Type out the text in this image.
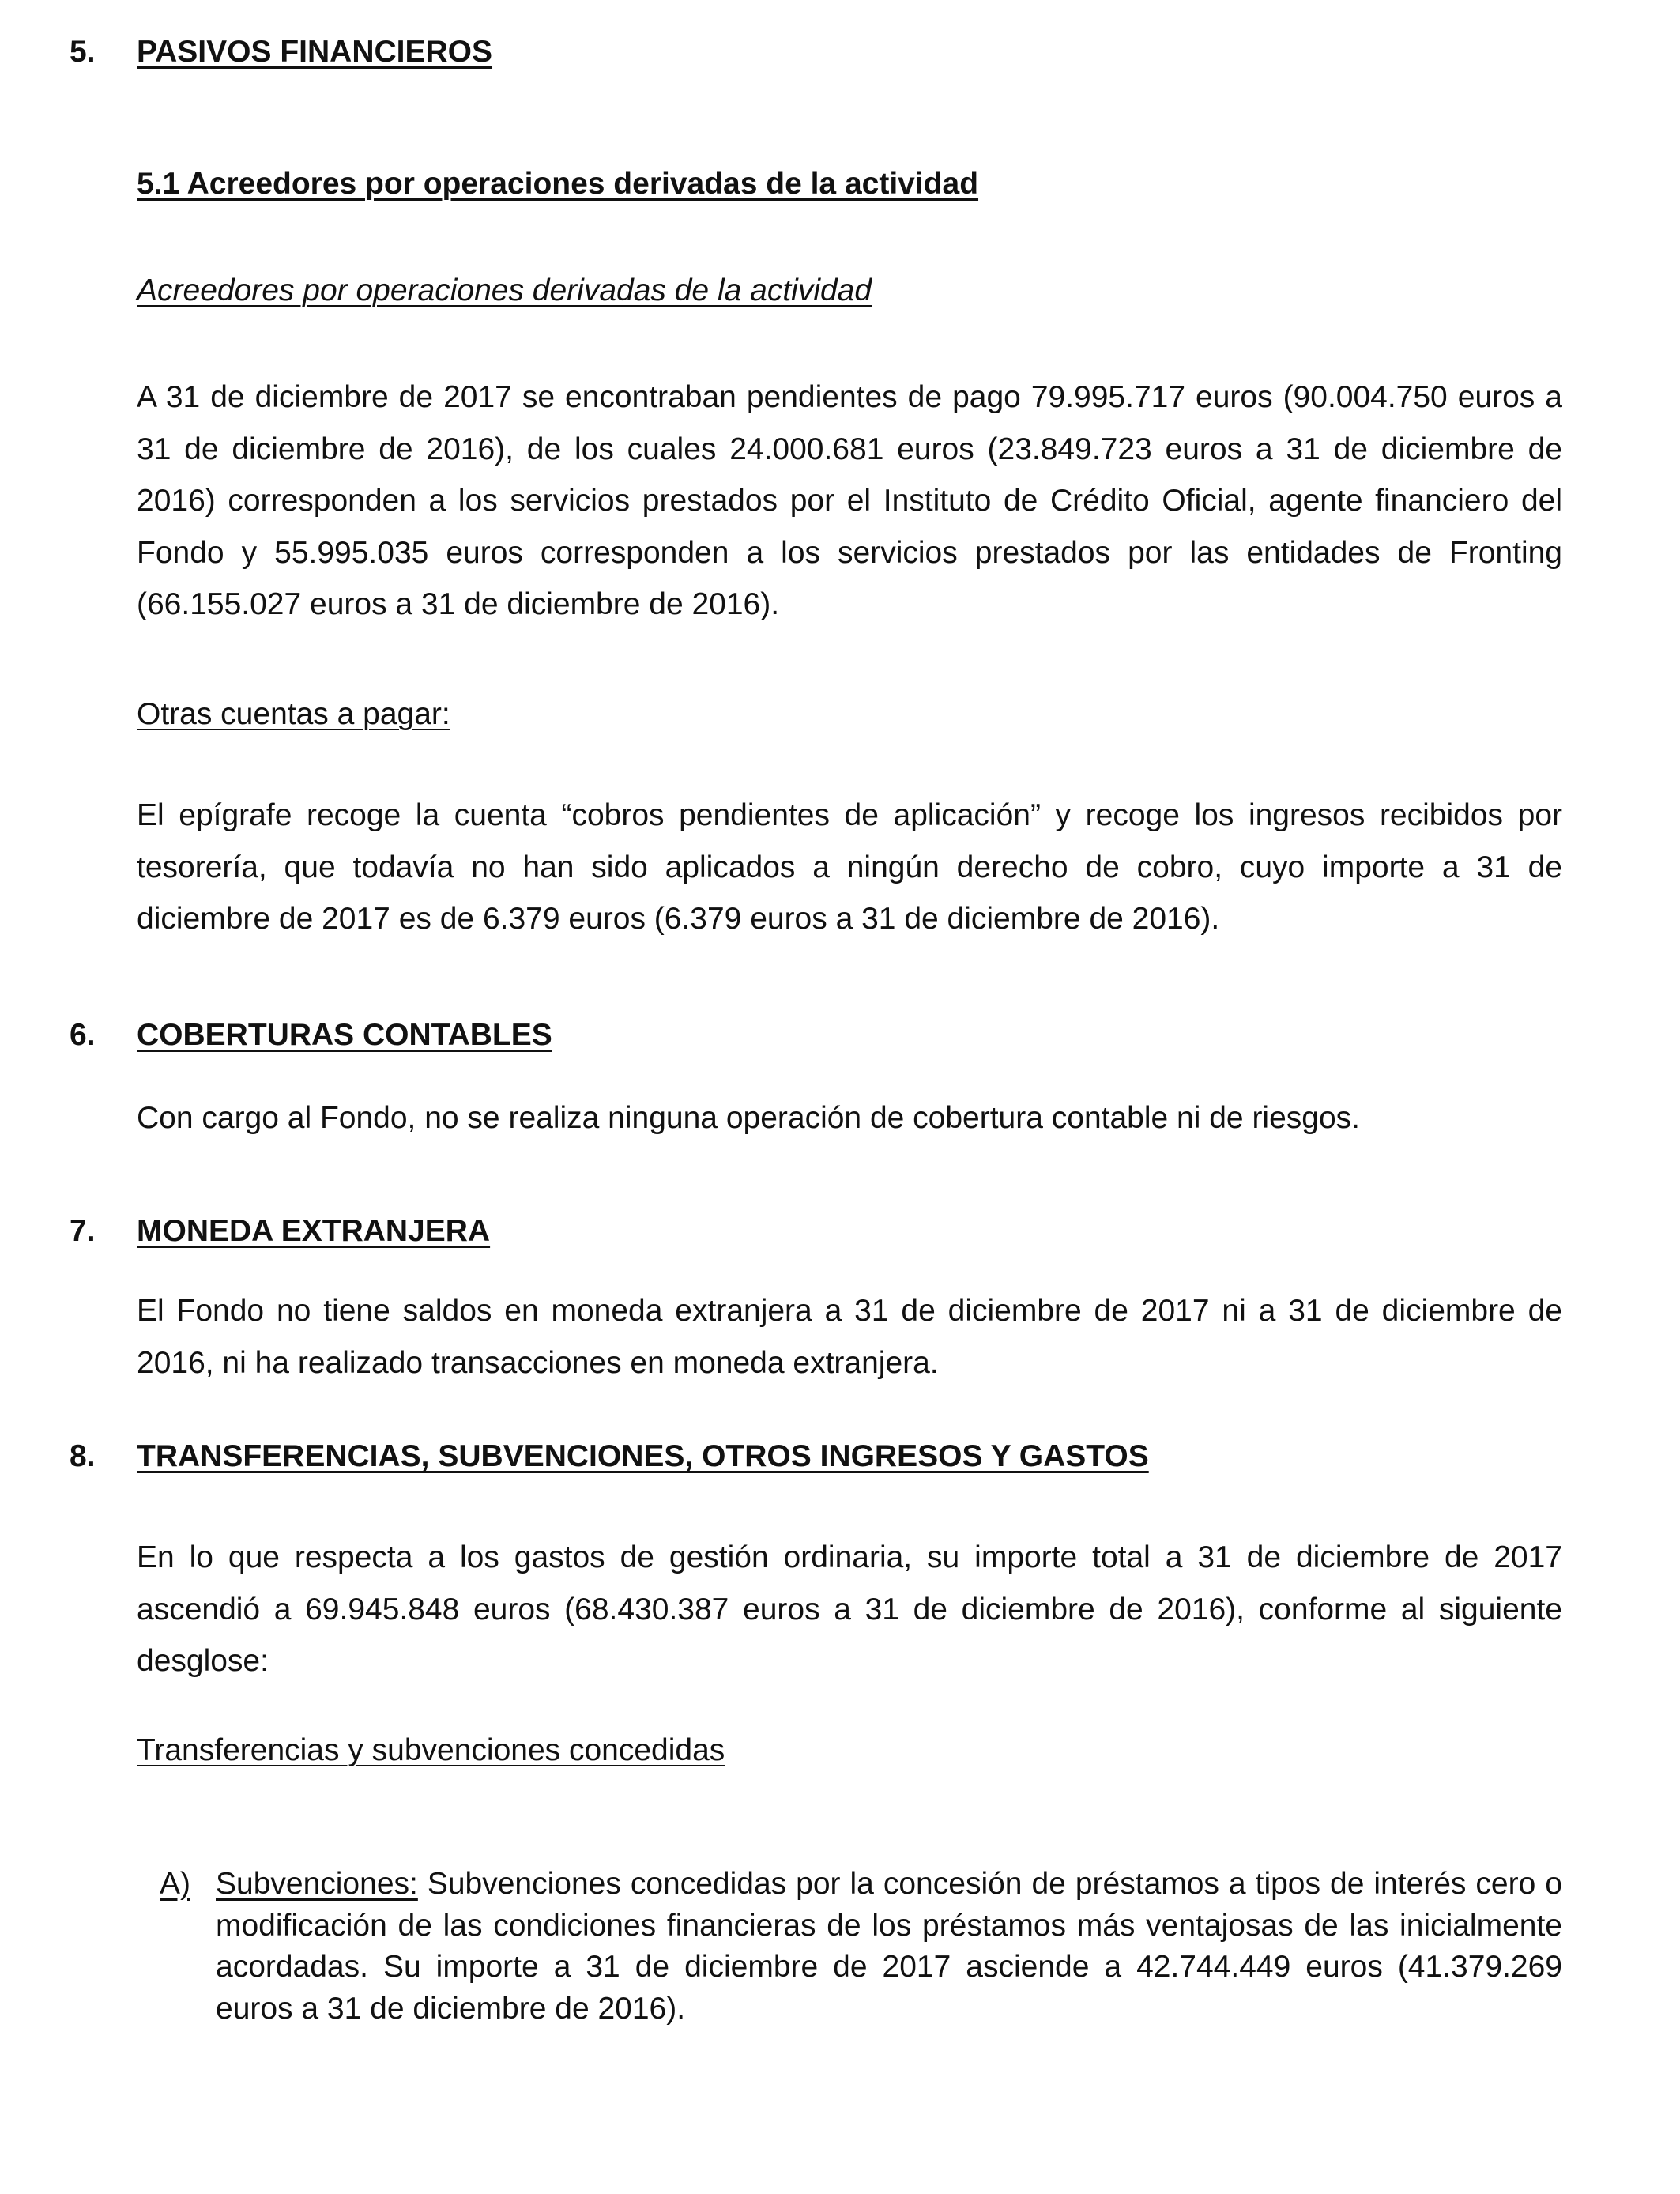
5. PASIVOS FINANCIEROS
5.1 Acreedores por operaciones derivadas de la actividad
Acreedores por operaciones derivadas de la actividad

A 31 de diciembre de 2017 se encontraban pendientes de pago 79.995.717 euros (90.004.750 euros a 31 de diciembre de 2016), de los cuales 24.000.681 euros (23.849.723 euros a 31 de diciembre de 2016) corresponden a los servicios prestados por el Instituto de Crédito Oficial, agente financiero del Fondo y 55.995.035 euros corresponden a los servicios prestados por las entidades de Fronting (66.155.027 euros a 31 de diciembre de 2016).

Otras cuentas a pagar:

El epígrafe recoge la cuenta “cobros pendientes de aplicación” y recoge los ingresos recibidos por tesorería, que todavía no han sido aplicados a ningún derecho de cobro, cuyo importe a 31 de diciembre de 2017 es de 6.379 euros (6.379 euros a 31 de diciembre de 2016).

6. COBERTURAS CONTABLES

Con cargo al Fondo, no se realiza ninguna operación de cobertura contable ni de riesgos.

7. MONEDA EXTRANJERA

El Fondo no tiene saldos en moneda extranjera a 31 de diciembre de 2017 ni a 31 de diciembre de 2016, ni ha realizado transacciones en moneda extranjera.

8. TRANSFERENCIAS, SUBVENCIONES, OTROS INGRESOS Y GASTOS

En lo que respecta a los gastos de gestión ordinaria, su importe total a 31 de diciembre de 2017 ascendió a 69.945.848 euros (68.430.387 euros a 31 de diciembre de 2016), conforme al siguiente desglose:

Transferencias y subvenciones concedidas
A) Subvenciones: Subvenciones concedidas por la concesión de préstamos a tipos de interés cero o modificación de las condiciones financieras de los préstamos más ventajosas de las inicialmente acordadas. Su importe a 31 de diciembre de 2017 asciende a 42.744.449 euros (41.379.269 euros a 31 de diciembre de 2016).
